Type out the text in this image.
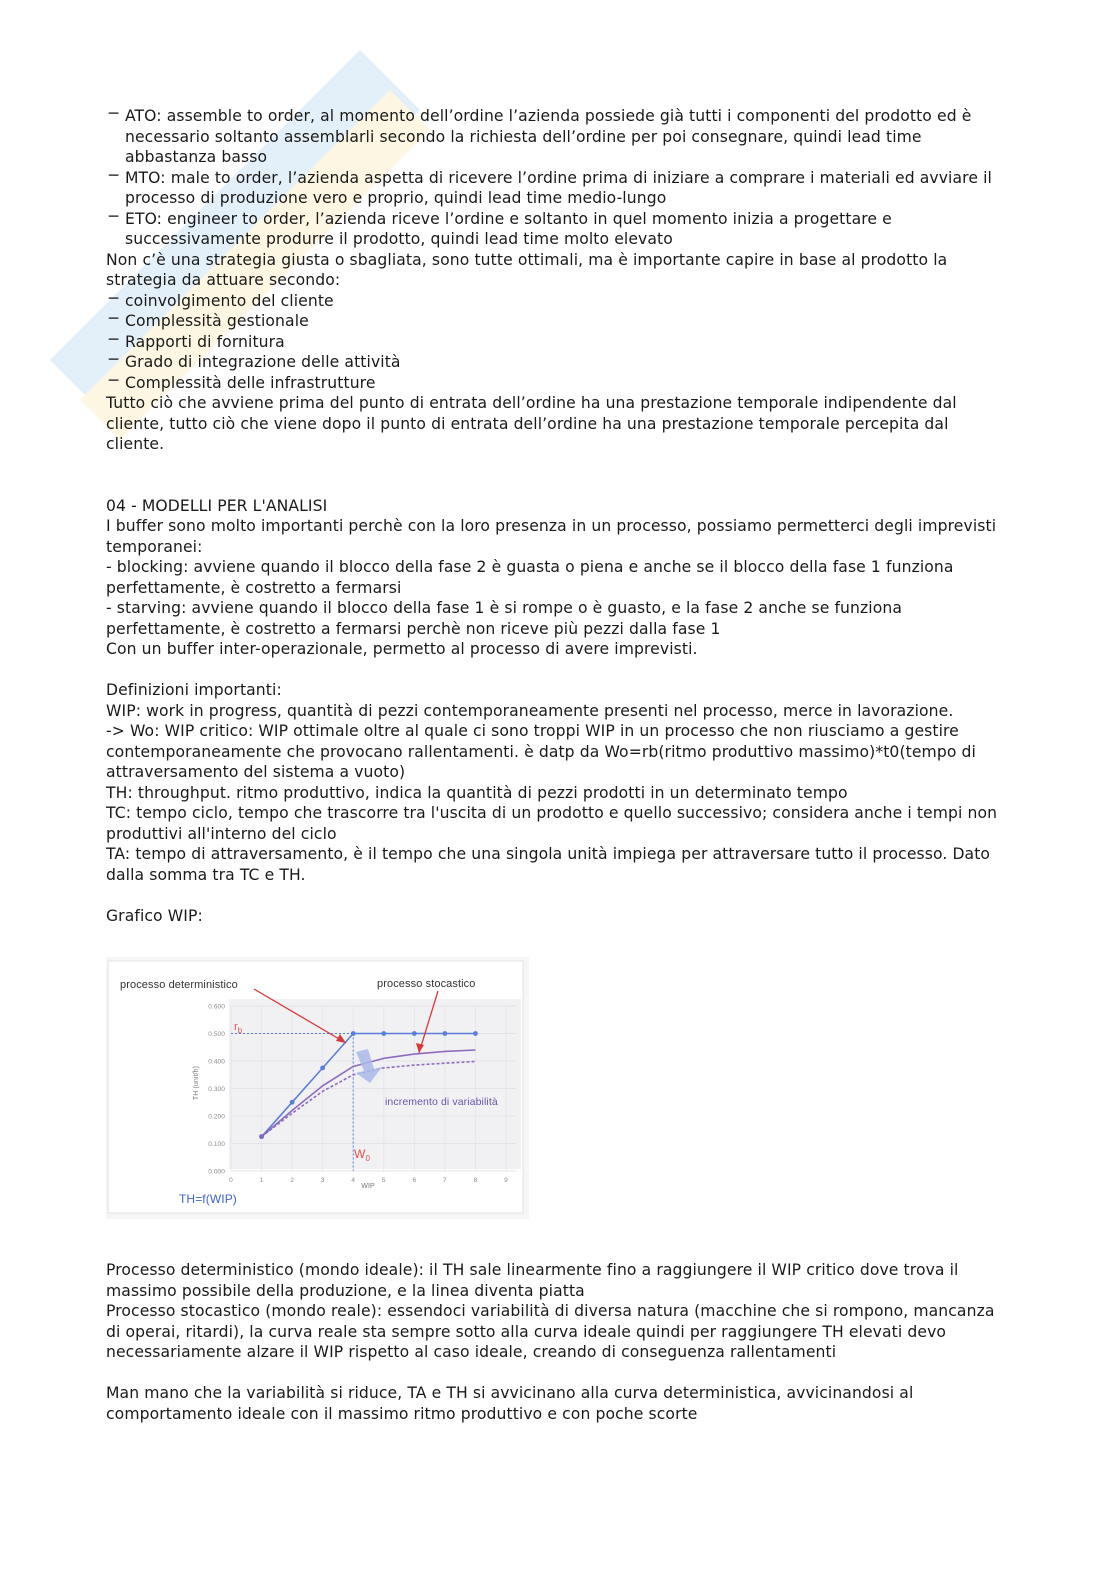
− ATO: assemble to order, al momento dell’ordine l’azienda possiede già tutti i componenti del prodotto ed è necessario soltanto assemblarli secondo la richiesta dell’ordine per poi consegnare, quindi lead time abbastanza basso
− MTO: male to order, l’azienda aspetta di ricevere l’ordine prima di iniziare a comprare i materiali ed avviare il processo di produzione vero e proprio, quindi lead time medio-lungo
− ETO: engineer to order, l’azienda riceve l’ordine e soltanto in quel momento inizia a progettare e successivamente produrre il prodotto, quindi lead time molto elevato

Non c’è una strategia giusta o sbagliata, sono tutte ottimali, ma è importante capire in base al prodotto la strategia da attuare secondo:

− coinvolgimento del cliente
− Complessità gestionale
− Rapporti di fornitura
− Grado di integrazione delle attività
− Complessità delle infrastrutture

Tutto ciò che avviene prima del punto di entrata dell’ordine ha una prestazione temporale indipendente dal cliente, tutto ciò che viene dopo il punto di entrata dell’ordine ha una prestazione temporale percepita dal cliente.

04 - MODELLI PER L'ANALISI

I buffer sono molto importanti perchè con la loro presenza in un processo, possiamo permetterci degli imprevisti temporanei:

- blocking: avviene quando il blocco della fase 2 è guasta o piena e anche se il blocco della fase 1 funziona perfettamente, è costretto a fermarsi

- starving: avviene quando il blocco della fase 1 è si rompe o è guasto, e la fase 2 anche se funziona perfettamente, è costretto a fermarsi perchè non riceve più pezzi dalla fase 1

Con un buffer inter-operazionale, permetto al processo di avere imprevisti.

Definizioni importanti:

WIP: work in progress, quantità di pezzi contemporaneamente presenti nel processo, merce in lavorazione.

-> Wo: WIP critico: WIP ottimale oltre al quale ci sono troppi WIP in un processo che non riusciamo a gestire contemporaneamente che provocano rallentamenti. è datp da Wo=rb(ritmo produttivo massimo)*t0(tempo di attraversamento del sistema a vuoto)

TH: throughput. ritmo produttivo, indica la quantità di pezzi prodotti in un determinato tempo

TC: tempo ciclo, tempo che trascorre tra l'uscita di un prodotto e quello successivo; considera anche i tempi non produttivi all'interno del ciclo

TA: tempo di attraversamento, è il tempo che una singola unità impiega per attraversare tutto il processo. Dato dalla somma tra TC e TH.

Grafico WIP:

0.000
0.100
0.200
0.300
0.400
0.500
0.600
0	1	2	3	4	5	6	7	8	9
processo deterministico	processo stocastico
incremento di variabilità
TH=f(WIP)
TH (unit/h)
WIP
$r_b$
$W_0$

Processo deterministico (mondo ideale): il TH sale linearmente fino a raggiungere il WIP critico dove trova il massimo possibile della produzione, e la linea diventa piatta

Processo stocastico (mondo reale): essendoci variabilità di diversa natura (macchine che si rompono, mancanza di operai, ritardi), la curva reale sta sempre sotto alla curva ideale quindi per raggiungere TH elevati devo necessariamente alzare il WIP rispetto al caso ideale, creando di conseguenza rallentamenti

Man mano che la variabilità si riduce, TA e TH si avvicinano alla curva deterministica, avvicinandosi al comportamento ideale con il massimo ritmo produttivo e con poche scorte
